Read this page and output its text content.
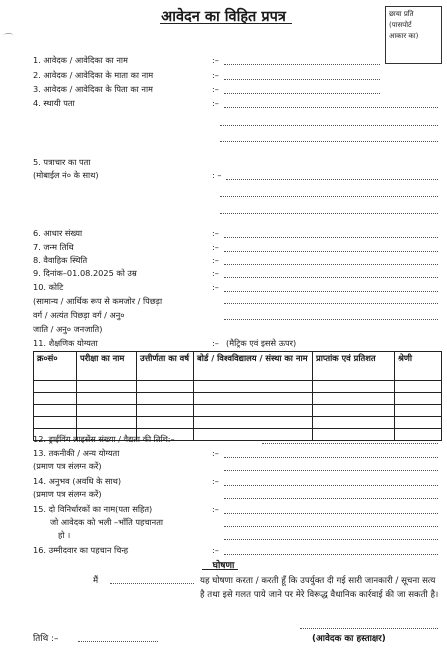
⌒
आवेदन का विहित प्रपत्र	छाया प्रति
(पासपोर्ट
आकार का)
1. आवेदक / आवेदिका का नाम	:–
2. आवेदक / आवेदिका के माता का नाम	:–
3. आवेदक / आवेदिका के पिता का नाम	:–
4. स्थायी पता	:–
5. पत्राचार का पता
(मोबाईल नं० के साथ)	: –
6. आधार संख्या	:–
7. जन्म तिथि	:–
8. वैवाहिक स्थिति	:–
9. दिनांक–01.08.2025 को उम्र	:–
10. कोटि	:–
(सामान्य / आर्थिक रूप से कमजोर / पिछड़ा
वर्ग / अत्यंत पिछड़ा वर्ग / अनु०
जाति / अनु० जनजाति)
11. शैक्षणिक योग्यता	:– (मैट्रिक एवं इससे ऊपर)
क्र०सं०	परीक्षा का नाम	उत्तीर्णता का वर्ष	बोर्ड / विश्वविद्यालय / संस्था का नाम	प्राप्तांक एवं प्रतिशत	श्रेणी

12. ड्राईविंग लाइसेंस संख्या / वैद्यता की तिथि:–
13. तकनीकी / अन्य योग्यता
(प्रमाण पत्र संलग्न करें)
:–
14. अनुभव (अवधि के साथ)
(प्रमाण पत्र संलग्न करें)
:–
15. दो विनिर्धारकों का नाम(पता सहित)
जो आवेदक को भली –भाँति पहचानता
हो ।
:–
16. उम्मीदवार का पहचान चिन्ह	:–
घोषणा
मैं	यह घोषणा करता / करती हूँ कि उपर्युक्त दी गई सारी जानकारी / सूचना सत्य है तथा इसे गलत पाये जाने पर मेरे विरूद्ध वैधानिक कार्रवाई की जा सकती है।
तिथि :–	(आवेदक का हस्ताक्षर)
